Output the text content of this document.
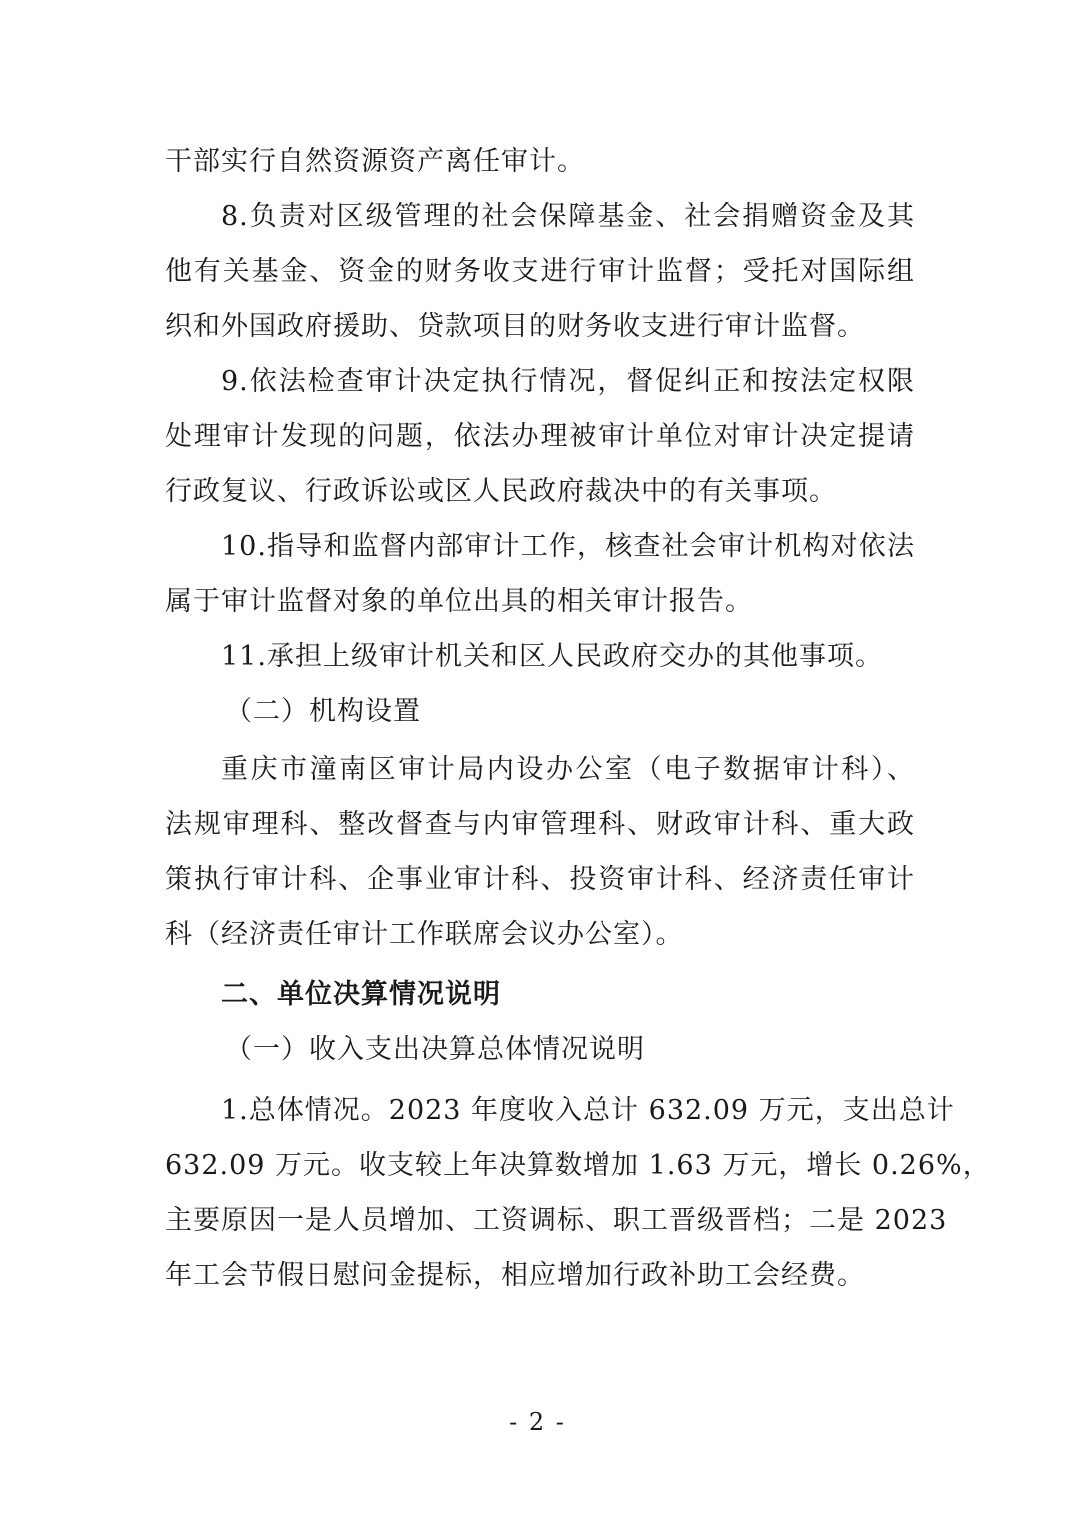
干部实行自然资源资产离任审计。
8.负责对区级管理的社会保障基金、社会捐赠资金及其
他有关基金、资金的财务收支进行审计监督；受托对国际组
织和外国政府援助、贷款项目的财务收支进行审计监督。
9.依法检查审计决定执行情况，督促纠正和按法定权限
处理审计发现的问题，依法办理被审计单位对审计决定提请
行政复议、行政诉讼或区人民政府裁决中的有关事项。
10.指导和监督内部审计工作，核查社会审计机构对依法
属于审计监督对象的单位出具的相关审计报告。
11.承担上级审计机关和区人民政府交办的其他事项。
（二）机构设置
重庆市潼南区审计局内设办公室（电子数据审计科）、
法规审理科、整改督查与内审管理科、财政审计科、重大政
策执行审计科、企事业审计科、投资审计科、经济责任审计
科（经济责任审计工作联席会议办公室）。
二、单位决算情况说明
（一）收入支出决算总体情况说明
1.总体情况。2023 年度收入总计 632.09 万元，支出总计
632.09 万元。收支较上年决算数增加 1.63 万元，增长 0.26%，
主要原因一是人员增加、工资调标、职工晋级晋档；二是 2023
年工会节假日慰问金提标，相应增加行政补助工会经费。
- 2 -
